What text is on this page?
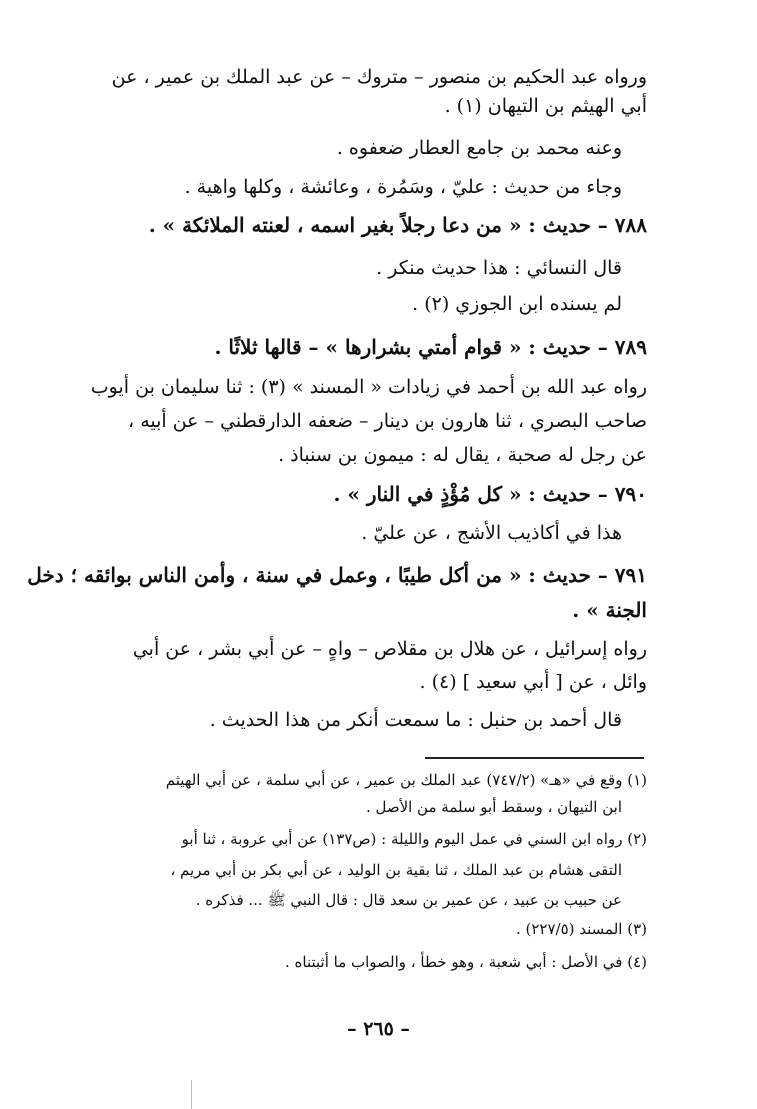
ورواه عبد الحكيم بن منصور – متروك – عن عبد الملك بن عمير ، عن
أبي الهيثم بن التيهان (١) .
وعنه محمد بن جامع العطار ضعفوه .
وجاء من حديث : عليّ ، وسَمُرة ، وعائشة ، وكلها واهية .
٧٨٨ – حديث : « من دعا رجلاً بغير اسمه ، لعنته الملائكة » .
قال النسائي : هذا حديث منكر .
لم يسنده ابن الجوزي (٢) .
٧٨٩ – حديث : « قوام أمتي بشرارها » – قالها ثلاثًا .
رواه عبد الله بن أحمد في زيادات « المسند » (٣) : ثنا سليمان بن أيوب
صاحب البصري ، ثنا هارون بن دينار – ضعفه الدارقطني – عن أبيه ،
عن رجل له صحبة ، يقال له : ميمون بن سنباذ .
٧٩٠ – حديث : « كل مُؤْذٍ في النار » .
هذا في أكاذيب الأشج ، عن عليّ .
٧٩١ – حديث : « من أكل طيبًا ، وعمل في سنة ، وأمن الناس بوائقه ؛ دخل
الجنة » .
رواه إسرائيل ، عن هلال بن مقلاص – واهٍ – عن أبي بشر ، عن أبي
وائل ، عن [ أبي سعيد ] (٤) .
قال أحمد بن حنبل : ما سمعت أنكر من هذا الحديث .
(١) وقع في «هـ» (٧٤٧/٢) عبد الملك بن عمير ، عن أبي سلمة ، عن أبي الهيثم
ابن التيهان ، وسقط أبو سلمة من الأصل .
(٢) رواه ابن السني في عمل اليوم والليلة : (ص١٣٧) عن أبي عروبة ، ثنا أبو
التقى هشام بن عبد الملك ، ثنا بقية بن الوليد ، عن أبي بكر بن أبي مريم ،
عن حبيب بن عبيد ، عن عمير بن سعد قال : قال النبي ﷺ ... فذكره .
(٣) المسند (٢٢٧/٥) .
(٤) في الأصل : أبي شعبة ، وهو خطأ ، والصواب ما أثبتناه .
– ٢٦٥ –
